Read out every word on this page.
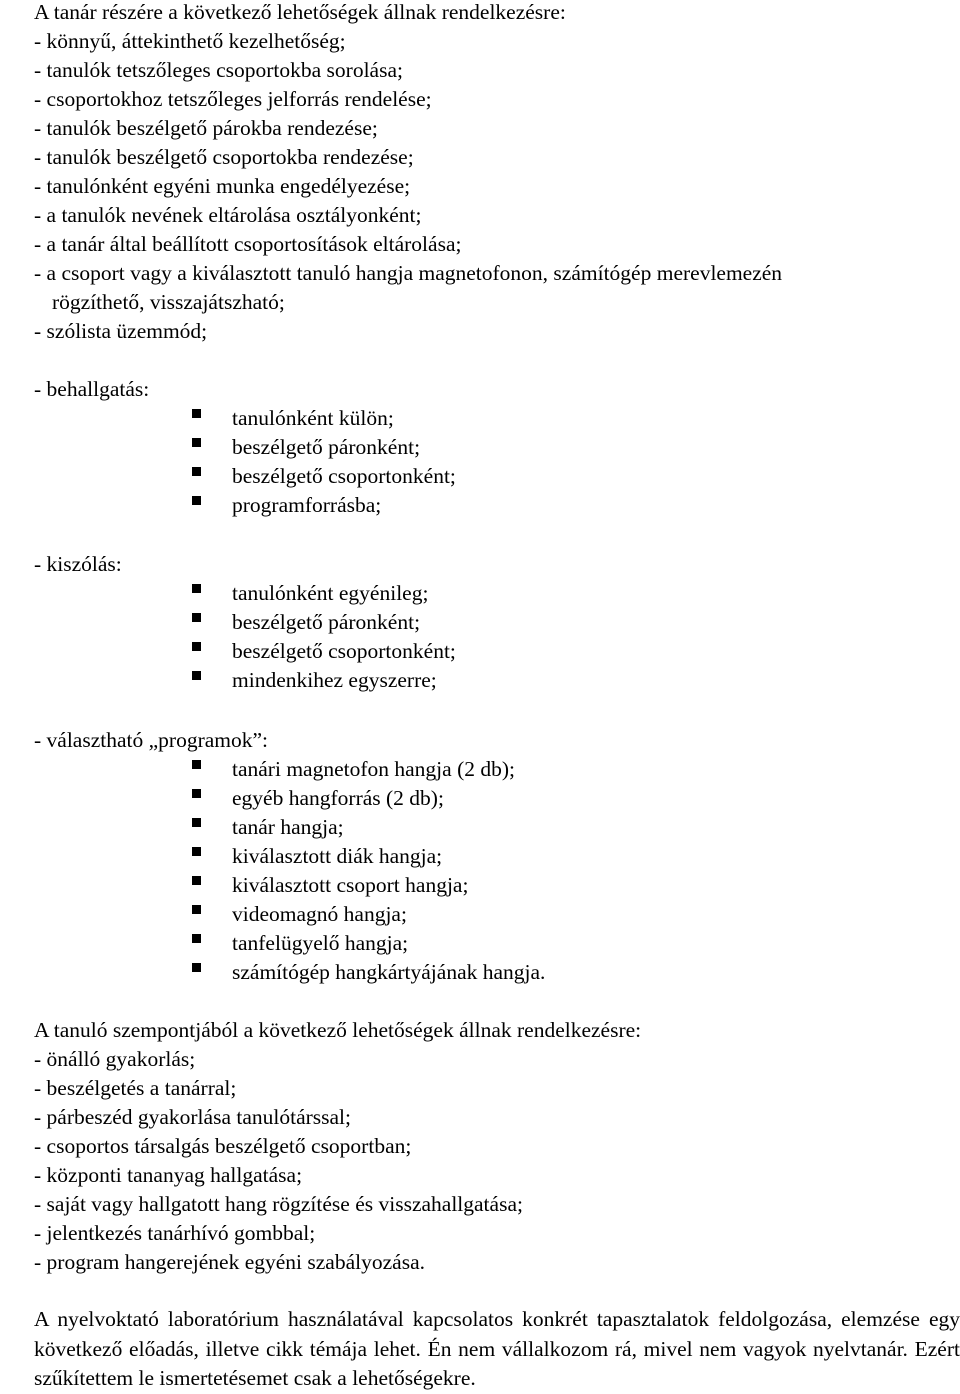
A tanár részére a következő lehetőségek állnak rendelkezésre:
- könnyű, áttekinthető kezelhetőség;
- tanulók tetszőleges csoportokba sorolása;
- csoportokhoz tetszőleges jelforrás rendelése;
- tanulók beszélgető párokba rendezése;
- tanulók beszélgető csoportokba rendezése;
- tanulónként egyéni munka engedélyezése;
- a tanulók nevének eltárolása osztályonként;
- a tanár által beállított csoportosítások eltárolása;
- a csoport vagy a kiválasztott tanuló hangja magnetofonon, számítógép merevlemezén
rögzíthető, visszajátszható;
- szólista üzemmód;
- behallgatás:
tanulónként külön;
beszélgető páronként;
beszélgető csoportonként;
programforrásba;
- kiszólás:
tanulónként egyénileg;
beszélgető páronként;
beszélgető csoportonként;
mindenkihez egyszerre;
- választható „programok”:
tanári magnetofon hangja (2 db);
egyéb hangforrás (2 db);
tanár hangja;
kiválasztott diák hangja;
kiválasztott csoport hangja;
videomagnó hangja;
tanfelügyelő hangja;
számítógép hangkártyájának hangja.
A tanuló szempontjából a következő lehetőségek állnak rendelkezésre:
- önálló gyakorlás;
- beszélgetés a tanárral;
- párbeszéd gyakorlása tanulótárssal;
- csoportos társalgás beszélgető csoportban;
- központi tananyag hallgatása;
- saját vagy hallgatott hang rögzítése és visszahallgatása;
- jelentkezés tanárhívó gombbal;
- program hangerejének egyéni szabályozása.
A nyelvoktató laboratórium használatával kapcsolatos konkrét tapasztalatok feldolgozása, elemzése egy következő előadás, illetve cikk témája lehet. Én nem vállalkozom rá, mivel nem vagyok nyelvtanár. Ezért szűkítettem le ismertetésemet csak a lehetőségekre.
